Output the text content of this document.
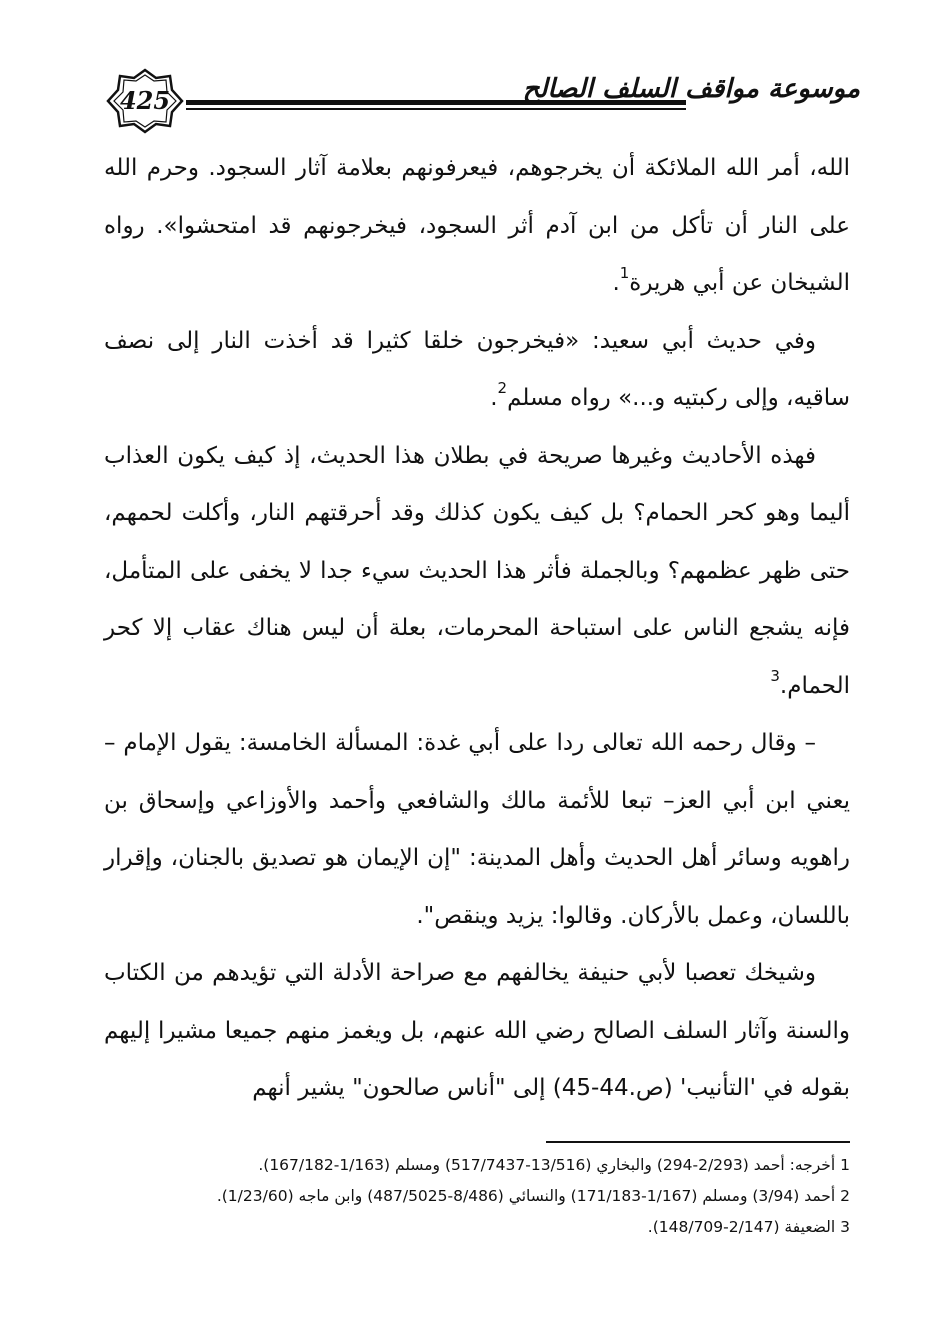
425	موسوعة مواقف السلف الصالح

الله، أمر الله الملائكة أن يخرجوهم، فيعرفونهم بعلامة آثار السجود. وحرم الله على النار أن تأكل من ابن آدم أثر السجود، فيخرجونهم قد امتحشوا». رواه الشيخان عن أبي هريرة$^1$.

وفي حديث أبي سعيد: «فيخرجون خلقا كثيرا قد أخذت النار إلى نصف ساقيه، وإلى ركبتيه و...» رواه مسلم$^2$.

فهذه الأحاديث وغيرها صريحة في بطلان هذا الحديث، إذ كيف يكون العذاب أليما وهو كحر الحمام؟ بل كيف يكون كذلك وقد أحرقتهم النار، وأكلت لحمهم، حتى ظهر عظمهم؟ وبالجملة فأثر هذا الحديث سيء جدا لا يخفى على المتأمل، فإنه يشجع الناس على استباحة المحرمات، بعلة أن ليس هناك عقاب إلا كحر الحمام.$^3$

– وقال رحمه الله تعالى ردا على أبي غدة: المسألة الخامسة: يقول الإمام –يعني ابن أبي العز– تبعا للأئمة مالك والشافعي وأحمد والأوزاعي وإسحاق بن راهويه وسائر أهل الحديث وأهل المدينة: "إن الإيمان هو تصديق بالجنان، وإقرار باللسان، وعمل بالأركان. وقالوا: يزيد وينقص".

وشيخك تعصبا لأبي حنيفة يخالفهم مع صراحة الأدلة التي تؤيدهم من الكتاب والسنة وآثار السلف الصالح رضي الله عنهم، بل ويغمز منهم جميعا مشيرا إليهم بقوله في 'التأنيب' (ص.44-45) إلى "أناس صالحون" يشير أنهم

1 أخرجه: أحمد (2/293-294) والبخاري (13/516-517/7437) ومسلم (1/163-167/182).
2 أحمد (3/94) ومسلم (1/167-171/183) والنسائي (8/486-487/5025) وابن ماجه (1/23/60).
3 الضعيفة (2/147-148/709).
